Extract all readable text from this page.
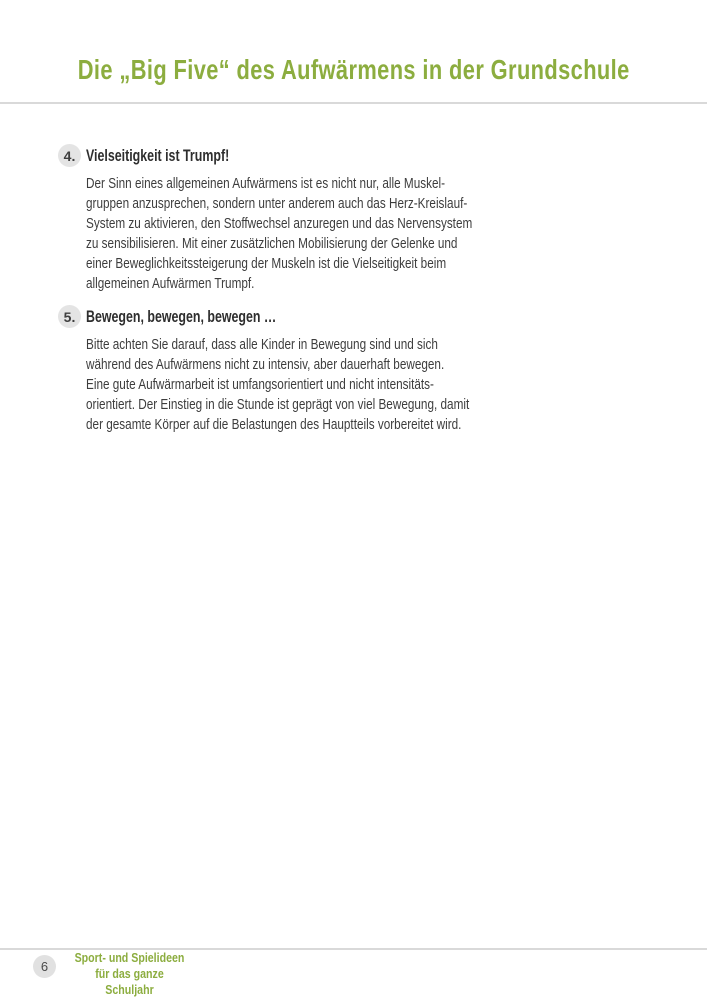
Die „Big Five“ des Aufwärmens in der Grundschule
4. Vielseitigkeit ist Trumpf!
Der Sinn eines allgemeinen Aufwärmens ist es nicht nur, alle Muskel-
gruppen anzusprechen, sondern unter anderem auch das Herz-Kreislauf-
System zu aktivieren, den Stoffwechsel anzuregen und das Nervensystem
zu sensibilisieren. Mit einer zusätzlichen Mobilisierung der Gelenke und
einer Beweglichkeitssteigerung der Muskeln ist die Vielseitigkeit beim
allgemeinen Aufwärmen Trumpf.
5. Bewegen, bewegen, bewegen …
Bitte achten Sie darauf, dass alle Kinder in Bewegung sind und sich
während des Aufwärmens nicht zu intensiv, aber dauerhaft bewegen.
Eine gute Aufwärmarbeit ist umfangsorientiert und nicht intensitäts-
orientiert. Der Einstieg in die Stunde ist geprägt von viel Bewegung, damit
der gesamte Körper auf die Belastungen des Hauptteils vorbereitet wird.
6
Sport- und Spielideen
für das ganze Schuljahr
